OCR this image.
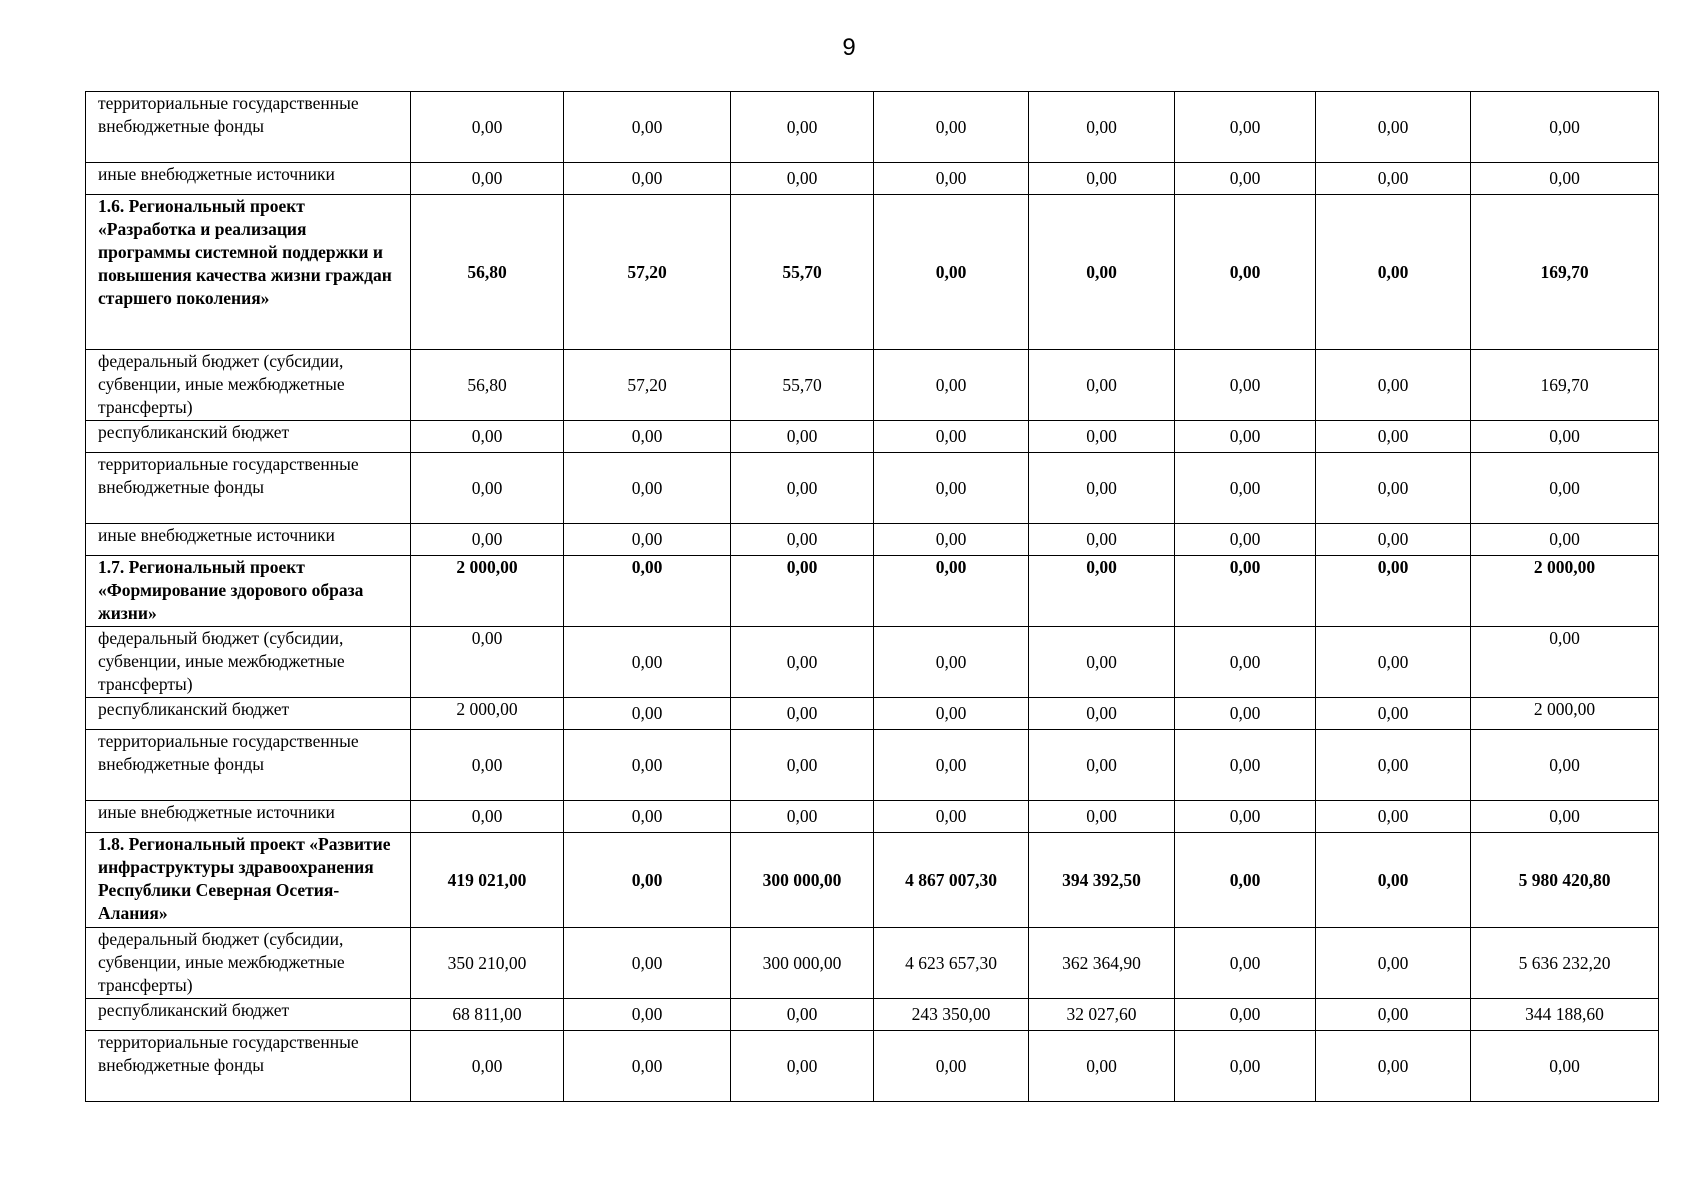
9
территориальные государственные внебюджетные фонды	0,00	0,00	0,00	0,00	0,00	0,00	0,00	0,00
иные внебюджетные источники	0,00	0,00	0,00	0,00	0,00	0,00	0,00	0,00
1.6. Региональный проект «Разработка и реализация программы системной поддержки и повышения качества жизни граждан старшего поколения»	56,80	57,20	55,70	0,00	0,00	0,00	0,00	169,70
федеральный бюджет (субсидии, субвенции, иные межбюджетные трансферты)	56,80	57,20	55,70	0,00	0,00	0,00	0,00	169,70
республиканский бюджет	0,00	0,00	0,00	0,00	0,00	0,00	0,00	0,00
территориальные государственные внебюджетные фонды	0,00	0,00	0,00	0,00	0,00	0,00	0,00	0,00
иные внебюджетные источники	0,00	0,00	0,00	0,00	0,00	0,00	0,00	0,00
1.7. Региональный проект «Формирование здорового образа жизни»	2 000,00	0,00	0,00	0,00	0,00	0,00	0,00	2 000,00
федеральный бюджет (субсидии, субвенции, иные межбюджетные трансферты)	0,00	0,00	0,00	0,00	0,00	0,00	0,00	0,00
республиканский бюджет	2 000,00	0,00	0,00	0,00	0,00	0,00	0,00	2 000,00
территориальные государственные внебюджетные фонды	0,00	0,00	0,00	0,00	0,00	0,00	0,00	0,00
иные внебюджетные источники	0,00	0,00	0,00	0,00	0,00	0,00	0,00	0,00
1.8. Региональный проект «Развитие инфраструктуры здравоохранения Республики Северная Осетия-Алания»	419 021,00	0,00	300 000,00	4 867 007,30	394 392,50	0,00	0,00	5 980 420,80
федеральный бюджет (субсидии, субвенции, иные межбюджетные трансферты)	350 210,00	0,00	300 000,00	4 623 657,30	362 364,90	0,00	0,00	5 636 232,20
республиканский бюджет	68 811,00	0,00	0,00	243 350,00	32 027,60	0,00	0,00	344 188,60
территориальные государственные внебюджетные фонды	0,00	0,00	0,00	0,00	0,00	0,00	0,00	0,00
